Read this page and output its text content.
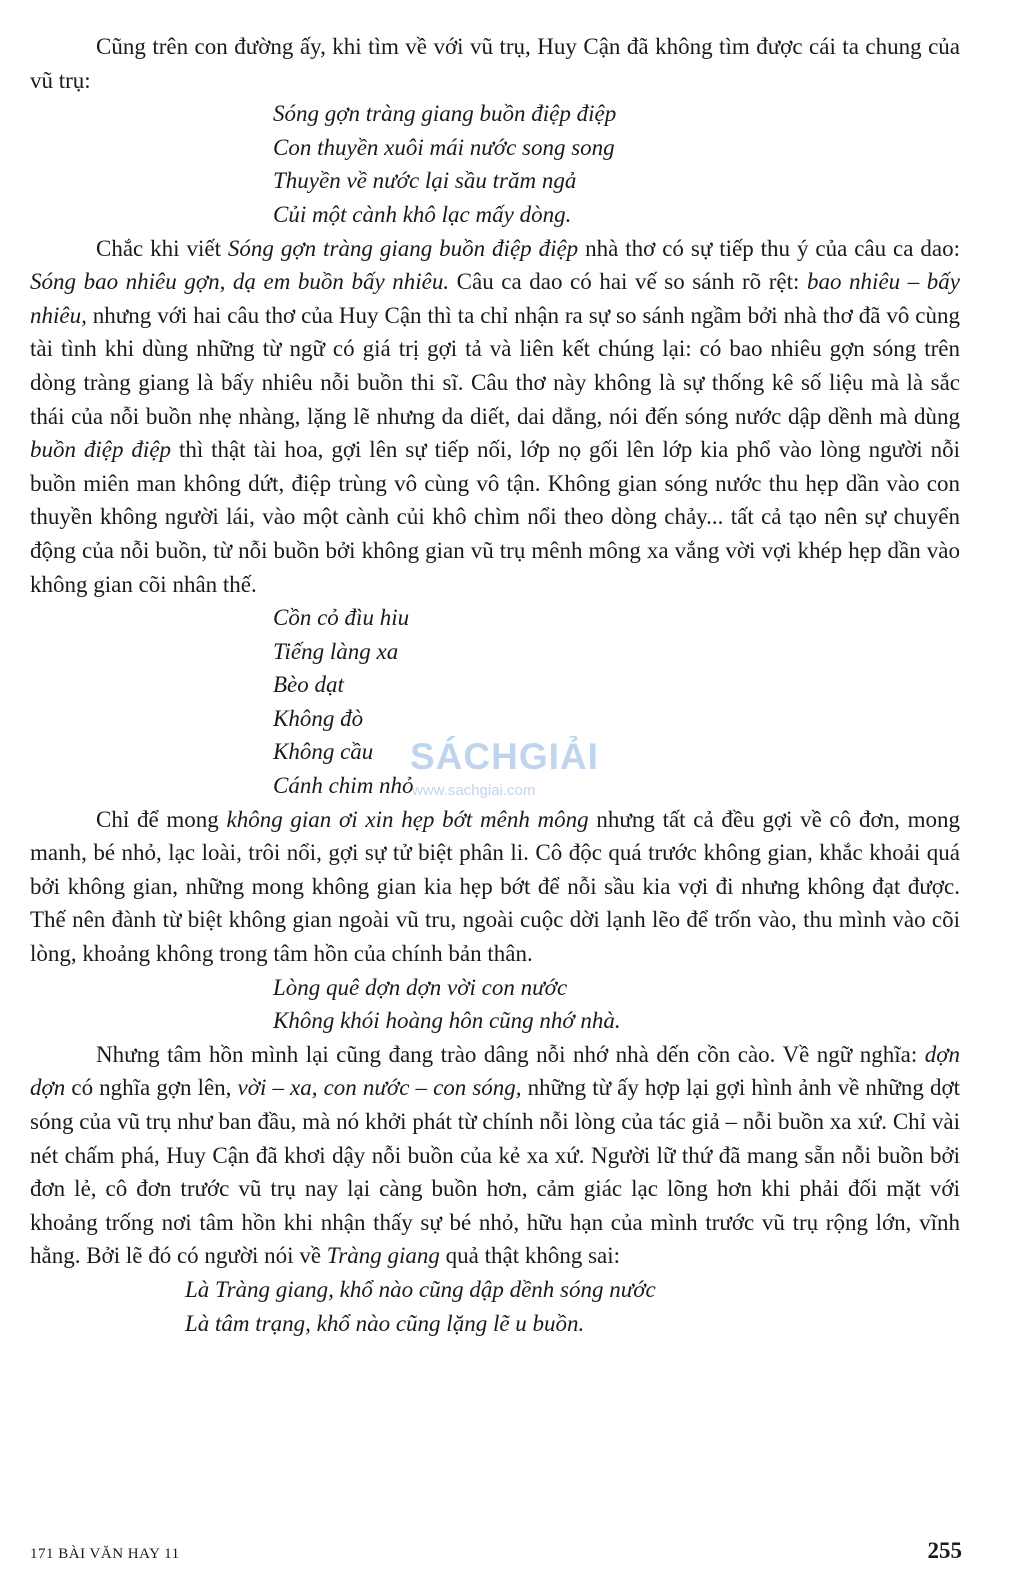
Cũng trên con đường ấy, khi tìm về với vũ trụ, Huy Cận đã không tìm được cái ta chung của vũ trụ:

Sóng gợn tràng giang buồn điệp điệp
Con thuyền xuôi mái nước song song
Thuyền về nước lại sầu trăm ngả
Củi một cành khô lạc mấy dòng.

Chắc khi viết Sóng gợn tràng giang buồn điệp điệp nhà thơ có sự tiếp thu ý của câu ca dao: Sóng bao nhiêu gợn, dạ em buồn bấy nhiêu. Câu ca dao có hai vế so sánh rõ rệt: bao nhiêu – bấy nhiêu, nhưng với hai câu thơ của Huy Cận thì ta chỉ nhận ra sự so sánh ngầm bởi nhà thơ đã vô cùng tài tình khi dùng những từ ngữ có giá trị gợi tả và liên kết chúng lại: có bao nhiêu gợn sóng trên dòng tràng giang là bấy nhiêu nỗi buồn thi sĩ. Câu thơ này không là sự thống kê số liệu mà là sắc thái của nỗi buồn nhẹ nhàng, lặng lẽ nhưng da diết, dai dẳng, nói đến sóng nước dập dềnh mà dùng buồn điệp điệp thì thật tài hoa, gợi lên sự tiếp nối, lớp nọ gối lên lớp kia phổ vào lòng người nỗi buồn miên man không dứt, điệp trùng vô cùng vô tận. Không gian sóng nước thu hẹp dần vào con thuyền không người lái, vào một cành củi khô chìm nổi theo dòng chảy... tất cả tạo nên sự chuyển động của nỗi buồn, từ nỗi buồn bởi không gian vũ trụ mênh mông xa vắng vời vợi khép hẹp dần vào không gian cõi nhân thế.

Cồn cỏ đìu hiu
Tiếng làng xa
Bèo dạt
Không đò
Không cầu
Cánh chim nhỏ

Chỉ để mong không gian ơi xin hẹp bớt mênh mông nhưng tất cả đều gợi về cô đơn, mong manh, bé nhỏ, lạc loài, trôi nổi, gợi sự tử biệt phân li. Cô độc quá trước không gian, khắc khoải quá bởi không gian, những mong không gian kia hẹp bớt để nỗi sầu kia vợi đi nhưng không đạt được. Thế nên đành từ biệt không gian ngoài vũ tru, ngoài cuộc dời lạnh lẽo để trốn vào, thu mình vào cõi lòng, khoảng không trong tâm hồn của chính bản thân.

Lòng quê dợn dợn vời con nước
Không khói hoàng hôn cũng nhớ nhà.

Nhưng tâm hồn mình lại cũng đang trào dâng nỗi nhớ nhà dến cồn cào. Về ngữ nghĩa: dợn dợn có nghĩa gợn lên, vời – xa, con nước – con sóng, những từ ấy hợp lại gợi hình ảnh về những dợt sóng của vũ trụ như ban đầu, mà nó khởi phát từ chính nỗi lòng của tác giả – nỗi buồn xa xứ. Chỉ vài nét chấm phá, Huy Cận đã khơi dậy nỗi buồn của kẻ xa xứ. Người lữ thứ đã mang sẵn nỗi buồn bởi đơn lẻ, cô đơn trước vũ trụ nay lại càng buồn hơn, cảm giác lạc lõng hơn khi phải đối mặt với khoảng trống nơi tâm hồn khi nhận thấy sự bé nhỏ, hữu hạn của mình trước vũ trụ rộng lớn, vĩnh hằng. Bởi lẽ đó có người nói về Tràng giang quả thật không sai:

Là Tràng giang, khổ nào cũng dập dềnh sóng nước
Là tâm trạng, khổ nào cũng lặng lẽ u buồn.
SÁCHGIẢI
www.sachgiai.com
171 BÀI VĂN HAY 11	255
